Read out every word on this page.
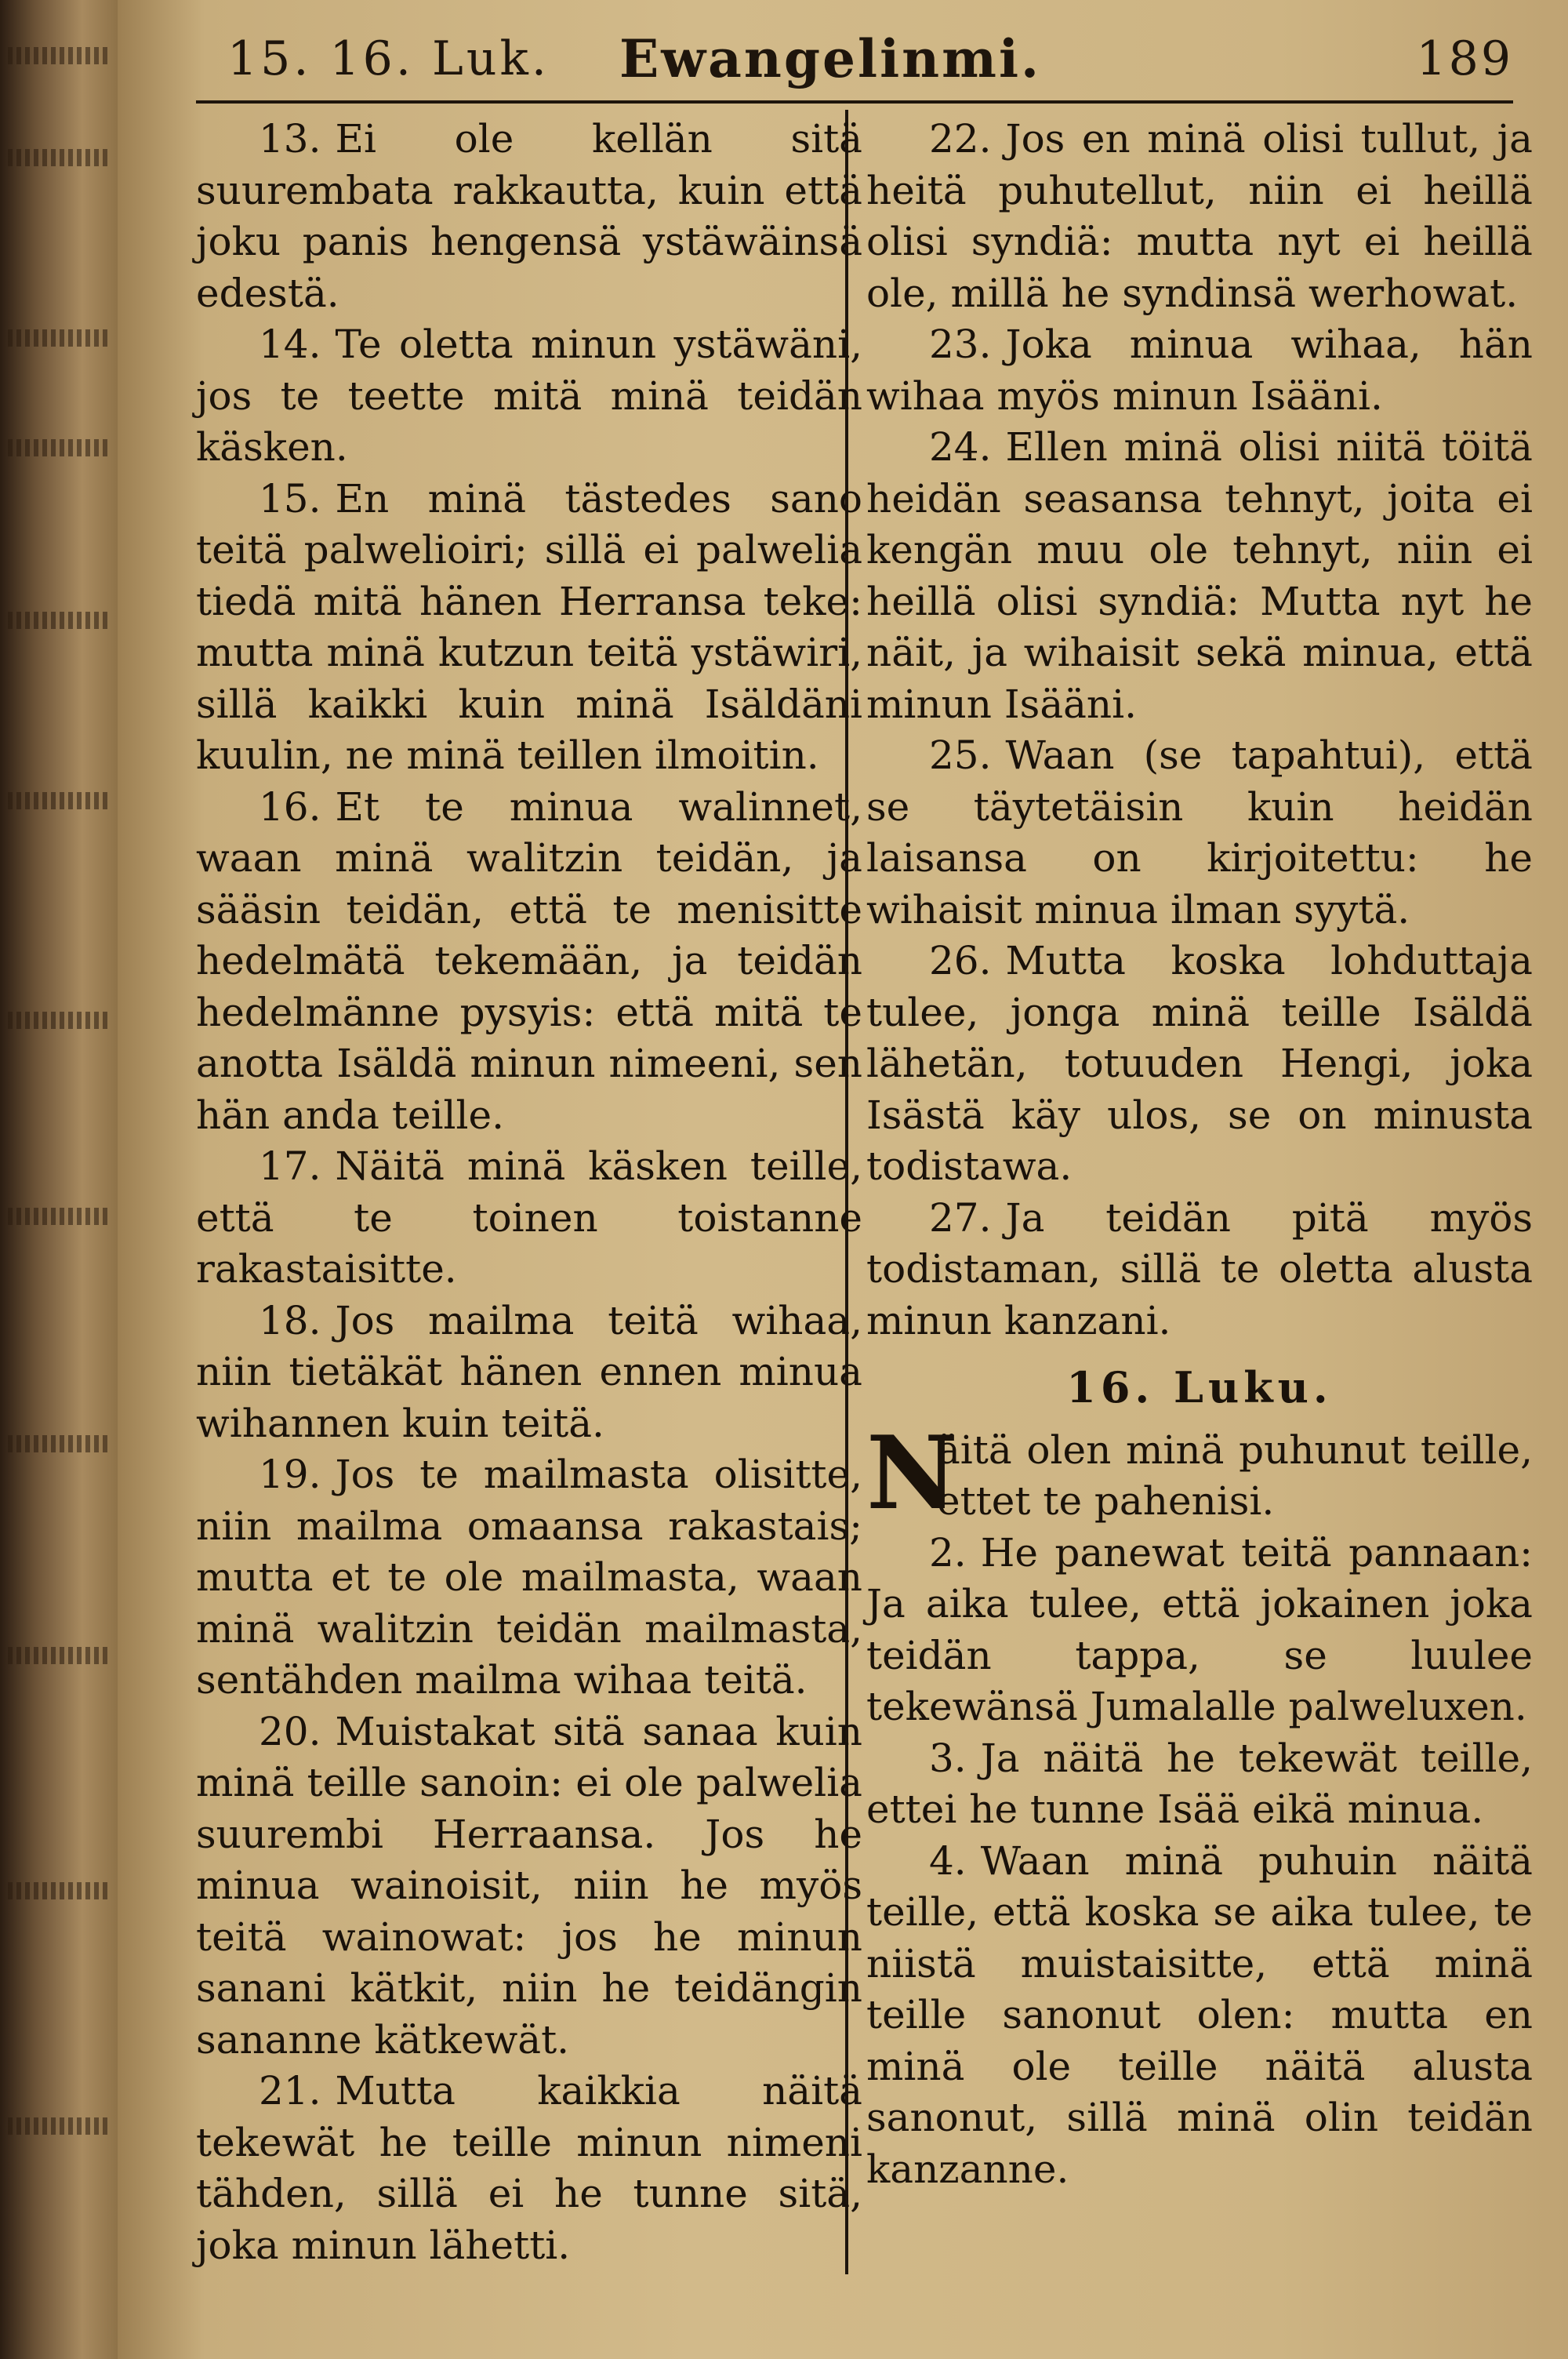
15. 16. Luk. Ewangelinmi.	189

13. Ei ole kellän sitä suurembata rakkautta, kuin että joku panis hengensä ystäwäinsä edestä.

14. Te oletta minun ystäwäni, jos te teette mitä minä teidän käsken.

15. En minä tästedes sano teitä palwelioiri; sillä ei palwelia tiedä mitä hänen Herransa teke: mutta minä kutzun teitä ystäwiri, sillä kaikki kuin minä Isäldäni kuulin, ne minä teillen ilmoitin.

16. Et te minua walinnet, waan minä walitzin teidän, ja sääsin teidän, että te menisitte hedelmätä tekemään, ja teidän hedelmänne pysyis: että mitä te anotta Isäldä minun nimeeni, sen hän anda teille.

17. Näitä minä käsken teille, että te toinen toistanne rakastaisitte.

18. Jos mailma teitä wihaa, niin tietäkät hänen ennen minua wihannen kuin teitä.

19. Jos te mailmasta olisitte, niin mailma omaansa rakastais; mutta et te ole mailmasta, waan minä walitzin teidän mailmasta, sentähden mailma wihaa teitä.

20. Muistakat sitä sanaa kuin minä teille sanoin: ei ole palwelia suurembi Herraansa. Jos he minua wainoisit, niin he myös teitä wainowat: jos he minun sanani kätkit, niin he teidängin sananne kätkewät.

21. Mutta kaikkia näitä tekewät he teille minun nimeni tähden, sillä ei he tunne sitä, joka minun lähetti.

22. Jos en minä olisi tullut, ja heitä puhutellut, niin ei heillä olisi syndiä: mutta nyt ei heillä ole, millä he syndinsä werhowat.

23. Joka minua wihaa, hän wihaa myös minun Isääni.

24. Ellen minä olisi niitä töitä heidän seasansa tehnyt, joita ei kengän muu ole tehnyt, niin ei heillä olisi syndiä: Mutta nyt he näit, ja wihaisit sekä minua, että minun Isääni.

25. Waan (se tapahtui), että se täytetäisin kuin heidän laisansa on kirjoitettu: he wihaisit minua ilman syytä.

26. Mutta koska lohduttaja tulee, jonga minä teille Isäldä lähetän, totuuden Hengi, joka Isästä käy ulos, se on minusta todistawa.

27. Ja teidän pitä myös todistaman, sillä te oletta alusta minun kanzani.

16. Luku.

N
äitä olen minä puhunut teille, ettet te pahenisi.

2. He panewat teitä pannaan: Ja aika tulee, että jokainen joka teidän tappa, se luulee tekewänsä Jumalalle palweluxen.

3. Ja näitä he tekewät teille, ettei he tunne Isää eikä minua.

4. Waan minä puhuin näitä teille, että koska se aika tulee, te niistä muistaisitte, että minä teille sanonut olen: mutta en minä ole teille näitä alusta sanonut, sillä minä olin teidän kanzanne.
